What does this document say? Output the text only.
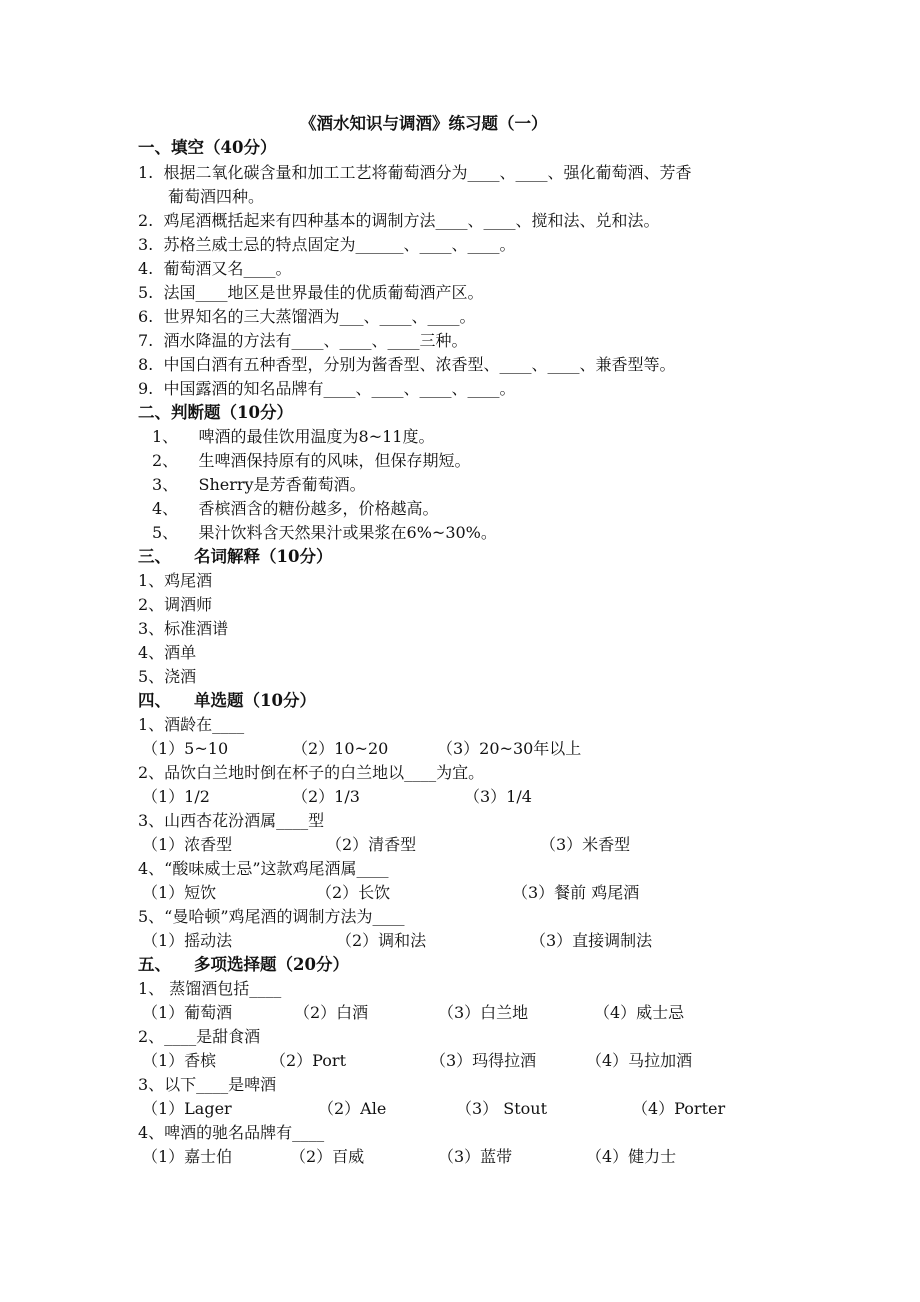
《酒水知识与调酒》练习题（一）
一、填空（40分）
1.  根据二氧化碳含量和加工工艺将葡萄酒分为____、____、强化葡萄酒、芳香
葡萄酒四种。
2.  鸡尾酒概括起来有四种基本的调制方法____、____、搅和法、兑和法。
3.  苏格兰威士忌的特点固定为______、____、____。
4.  葡萄酒又名____。
5.  法国____地区是世界最佳的优质葡萄酒产区。
6.  世界知名的三大蒸馏酒为___、____、____。
7.  酒水降温的方法有____、____、____三种。
8.  中国白酒有五种香型，分别为酱香型、浓香型、____、____、兼香型等。
9.  中国露酒的知名品牌有____、____、____、____。
二、判断题（10分）
1、    啤酒的最佳饮用温度为8~11度。
2、    生啤酒保持原有的风味，但保存期短。
3、    Sherry是芳香葡萄酒。
4、    香槟酒含的糖份越多，价格越高。
5、    果汁饮料含天然果汁或果浆在6%~30%。
三、    名词解释（10分）
1、鸡尾酒
2、调酒师
3、标准酒谱
4、酒单
5、浇酒
四、    单选题（10分）
1、酒龄在____
（1）5~10	（2）10~20	（3）20~30年以上
2、品饮白兰地时倒在杯子的白兰地以____为宜。
（1）1/2	（2）1/3	（3）1/4
3、山西杏花汾酒属____型
（1）浓香型	（2）清香型	（3）米香型
4、“酸味威士忌”这款鸡尾酒属____
（1）短饮	（2）长饮	（3）餐前 鸡尾酒
5、“曼哈顿”鸡尾酒的调制方法为____
（1）摇动法	（2）调和法	（3）直接调制法
五、    多项选择题（20分）
1、 蒸馏酒包括____
（1）葡萄酒	（2）白酒	（3）白兰地	（4）威士忌
2、____是甜食酒
（1）香槟	（2）Port	（3）玛得拉酒	（4）马拉加酒
3、以下____是啤酒
（1）Lager	（2）Ale	（3） Stout	（4）Porter
4、啤酒的驰名品牌有____
（1）嘉士伯	（2）百威	（3）蓝带	（4）健力士
